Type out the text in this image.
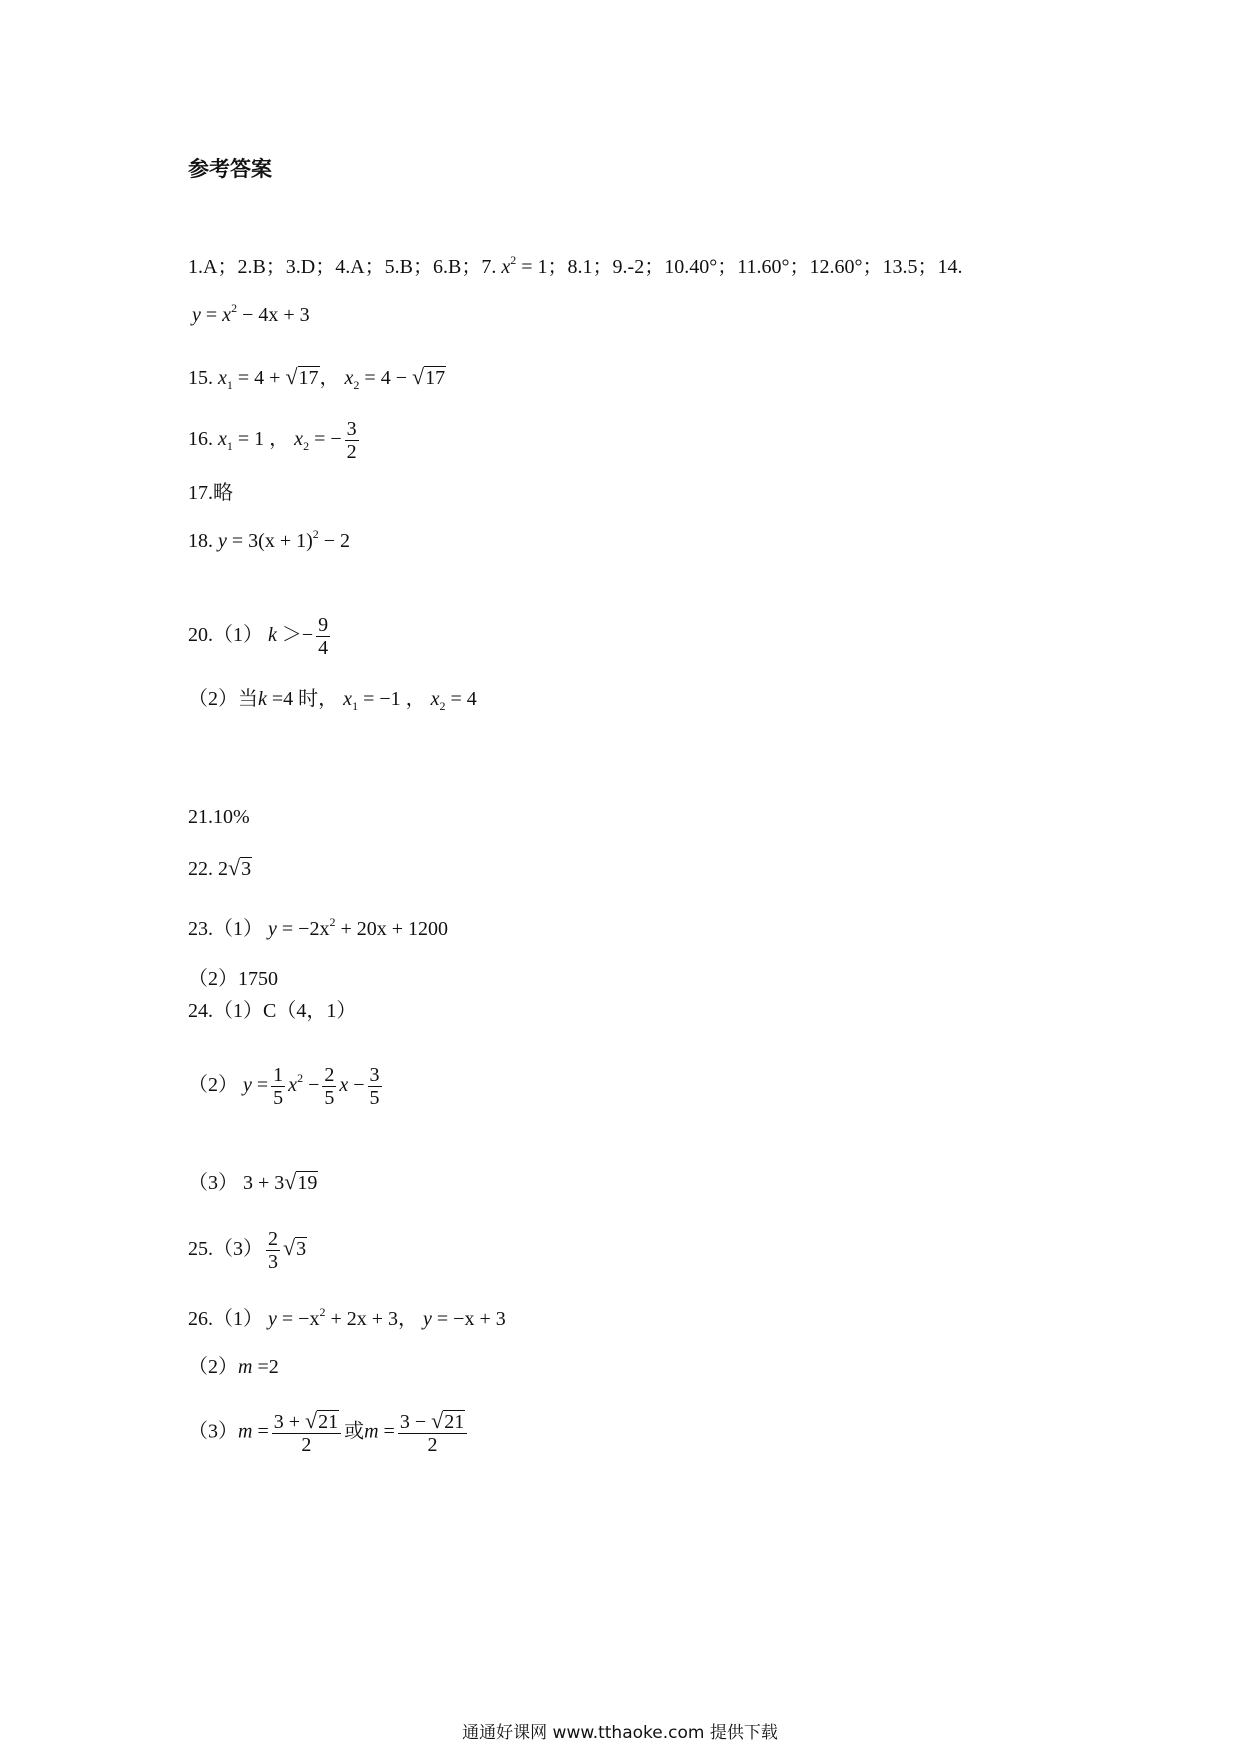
参考答案
1.A；2.B；3.D；4.A；5.B；6.B；7. $x^2 = 1$；8.1；9.-2；10.40°；11.60°；12.60°；13.5；14.
$y = x^2 - 4x + 3$
15. $x_1 = 4$ + √ 17 ， $x_2 = 4$ − √ 17
16. $x_1 = 1$ ， $x_2$ = − $\frac{3}{2}$
17.略
18. $y = 3(x + 1)^2 - 2$
20.（1） $k >- \frac{9}{4}$
（2）当k =4 时， $x_1 = -1$ ， $x_2 = 4$
21.10%
22. 2 √ 3
23.（1） $y = -2x^2 + 20x + 1200$
（2）1750
24.（1）C（4，1）
（2） $y = \frac{1}{5} x^2 - \frac{2}{5}$ $x - \frac{3}{5}$
（3） 3 + 3 √ 19
$25.(3) \frac{2}{3}$ √ 3
26.（1） $y = -x^2 + 2x + 3$， y = −x + 3
（2）m =2
$(3)m = \frac{3 + √ 21}{2}$ 或$m = \frac{3 - √ 21}{2}$
通通好课网 www.tthaoke.com 提供下载
